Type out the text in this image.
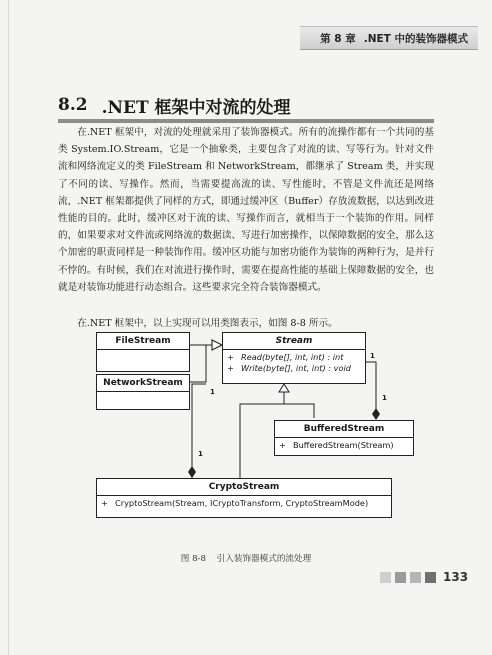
第 8 章 .NET 中的装饰器模式
8.2 .NET 框架中对流的处理

在.NET 框架中，对流的处理就采用了装饰器模式。所有的流操作都有一个共同的基类 System.IO.Stream，它是一个抽象类，主要包含了对流的读、写等行为。针对文件流和网络流定义的类 FileStream 和 NetworkStream，都继承了 Stream 类，并实现了不同的读、写操作。然而，当需要提高流的读、写性能时，不管是文件流还是网络流，.NET 框架都提供了同样的方式，即通过缓冲区（Buffer）存放流数据，以达到改进性能的目的。此时，缓冲区对于流的读、写操作而言，就相当于一个装饰的作用。同样的，如果要求对文件流或网络流的数据读、写进行加密操作，以保障数据的安全，那么这个加密的职责同样是一种装饰作用。缓冲区功能与加密功能作为装饰的两种行为，是并行不悖的。有时候，我们在对流进行操作时，需要在提高性能的基础上保障数据的安全，也就是对装饰功能进行动态组合。这些要求完全符合装饰器模式。

在.NET 框架中，以上实现可以用类图表示，如图 8-8 所示。

Stream
+ Read(byte[], int, int) : int
+ Write(byte[], int, int) : void
FileStream
NetworkStream
BufferedStream
+ BufferedStream(Stream)
CryptoStream
+ CryptoStream(Stream, ICryptoTransform, CryptoStreamMode)
1
1
1
1
图 8-8 引入装饰器模式的流处理
133
